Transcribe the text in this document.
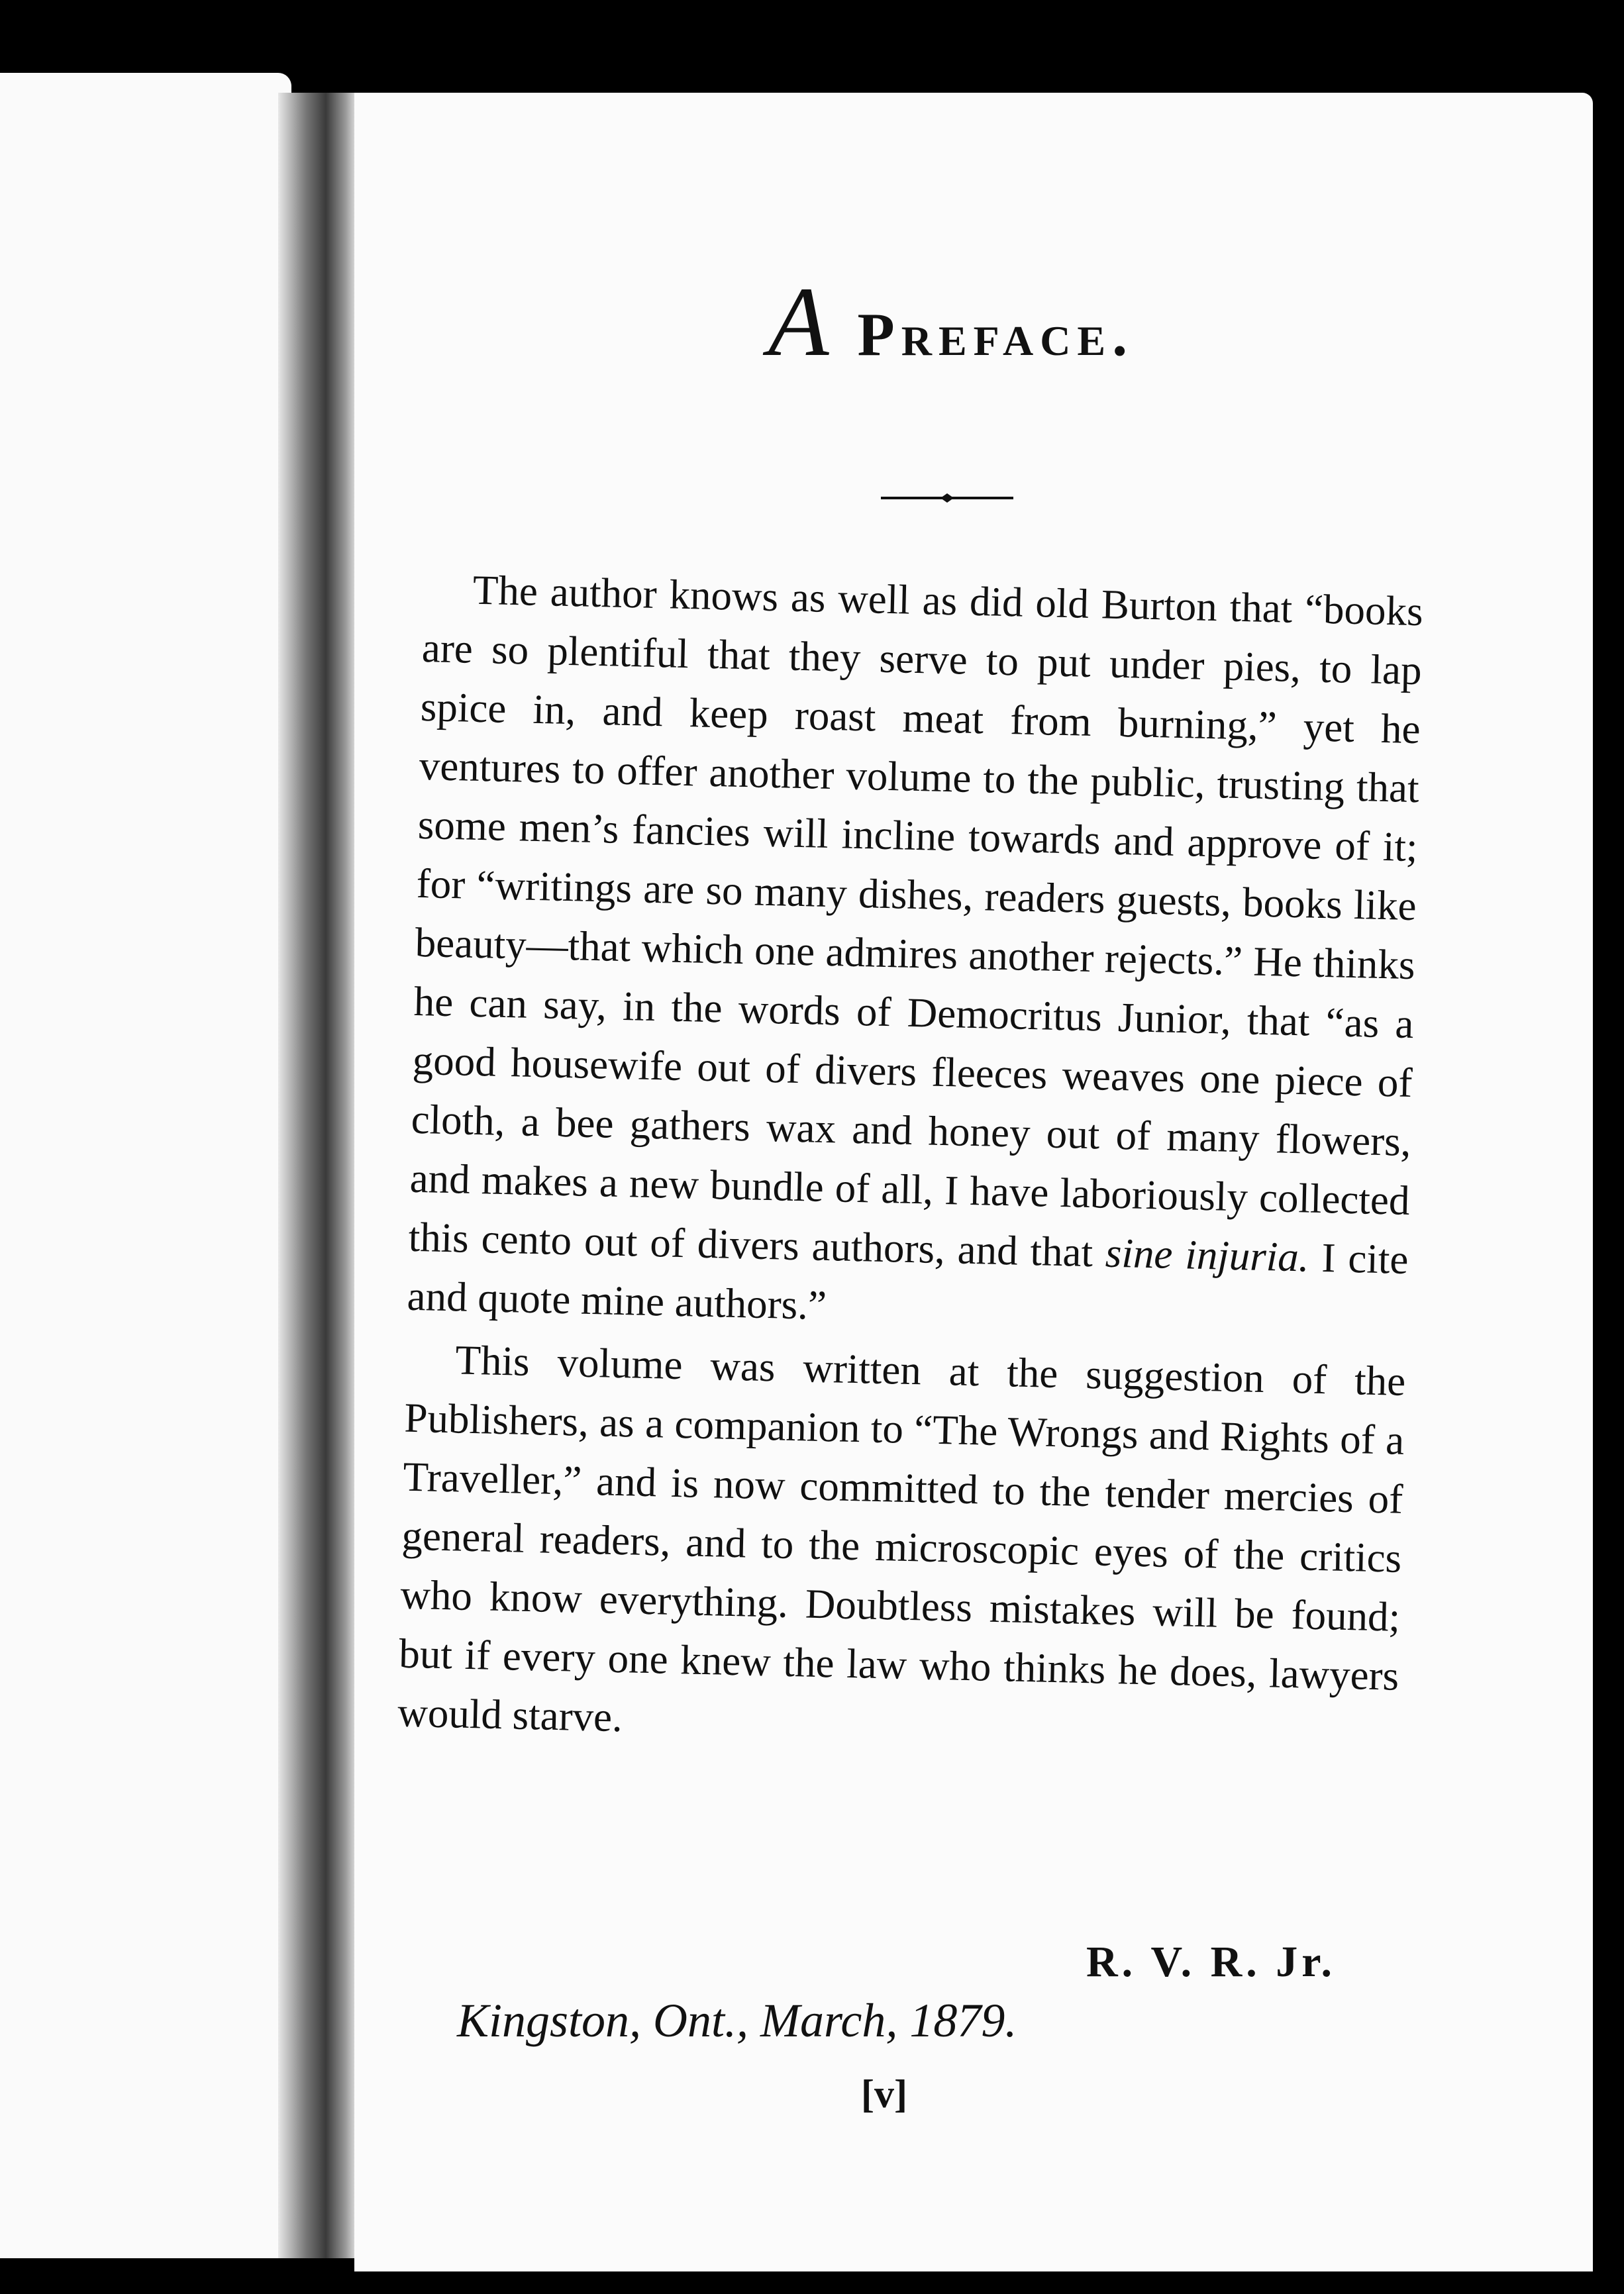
A Preface.

The author knows as well as did old Burton that “books are so plentiful that they serve to put under pies, to lap spice in, and keep roast meat from burning,” yet he ventures to offer another volume to the public, trusting that some men’s fancies will incline towards and approve of it; for “writings are so many dishes, readers guests, books like beauty—that which one admires another rejects.” He thinks he can say, in the words of Democritus Junior, that “as a good housewife out of divers fleeces weaves one piece of cloth, a bee gathers wax and honey out of many flowers, and makes a new bundle of all, I have laboriously collected this cento out of divers authors, and that sine injuria. I cite and quote mine authors.”

This volume was written at the suggestion of the Publishers, as a companion to “The Wrongs and Rights of a Traveller,” and is now committed to the tender mercies of general readers, and to the microscopic eyes of the critics who know everything. Doubtless mistakes will be found; but if every one knew the law who thinks he does, lawyers would starve.

R. V. R. Jr.
Kingston, Ont., March, 1879.
[v]
